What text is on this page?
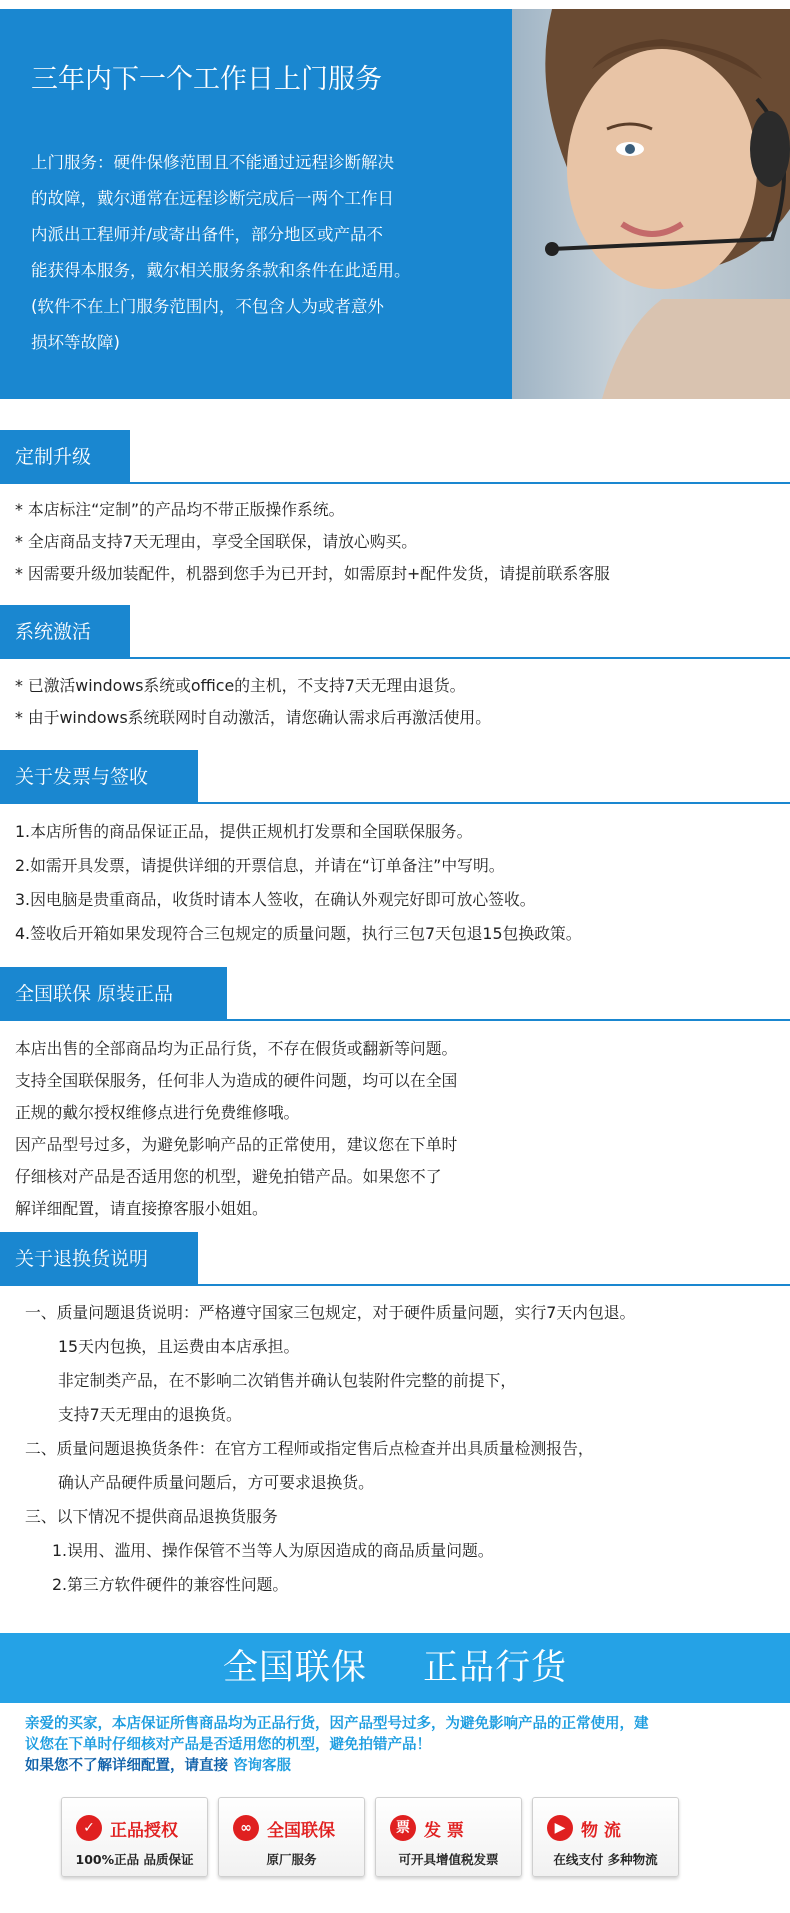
三年内下一个工作日上门服务
上门服务：硬件保修范围且不能通过远程诊断解决
的故障，戴尔通常在远程诊断完成后一两个工作日
内派出工程师并/或寄出备件，部分地区或产品不
能获得本服务，戴尔相关服务条款和条件在此适用。
(软件不在上门服务范围内，不包含人为或者意外
损坏等故障)
定制升级
* 本店标注“定制”的产品均不带正版操作系统。
* 全店商品支持7天无理由，享受全国联保，请放心购买。
* 因需要升级加装配件，机器到您手为已开封，如需原封+配件发货，请提前联系客服
系统激活
* 已激活windows系统或office的主机，不支持7天无理由退货。
* 由于windows系统联网时自动激活，请您确认需求后再激活使用。
关于发票与签收
1.本店所售的商品保证正品，提供正规机打发票和全国联保服务。
2.如需开具发票，请提供详细的开票信息，并请在“订单备注”中写明。
3.因电脑是贵重商品，收货时请本人签收，在确认外观完好即可放心签收。
4.签收后开箱如果发现符合三包规定的质量问题，执行三包7天包退15包换政策。
全国联保 原装正品
本店出售的全部商品均为正品行货，不存在假货或翻新等问题。
支持全国联保服务，任何非人为造成的硬件问题，均可以在全国
正规的戴尔授权维修点进行免费维修哦。
因产品型号过多，为避免影响产品的正常使用，建议您在下单时
仔细核对产品是否适用您的机型，避免拍错产品。如果您不了
解详细配置，请直接撩客服小姐姐。
关于退换货说明
一、质量问题退货说明：严格遵守国家三包规定，对于硬件质量问题，实行7天内包退。
15天内包换，且运费由本店承担。
非定制类产品，在不影响二次销售并确认包装附件完整的前提下，
支持7天无理由的退换货。
二、质量问题退换货条件：在官方工程师或指定售后点检查并出具质量检测报告，
确认产品硬件质量问题后，方可要求退换货。
三、以下情况不提供商品退换货服务
1.误用、滥用、操作保管不当等人为原因造成的商品质量问题。
2.第三方软件硬件的兼容性问题。
全国联保 正品行货
亲爱的买家，本店保证所售商品均为正品行货，因产品型号过多，为避免影响产品的正常使用，建
议您在下单时仔细核对产品是否适用您的机型，避免拍错产品！
如果您不了解详细配置，请直接 咨询客服
✓ 正品授权
100%正品 品质保证
∞ 全国联保
原厂服务
票 发 票
可开具增值税发票
▶ 物 流
在线支付 多种物流
